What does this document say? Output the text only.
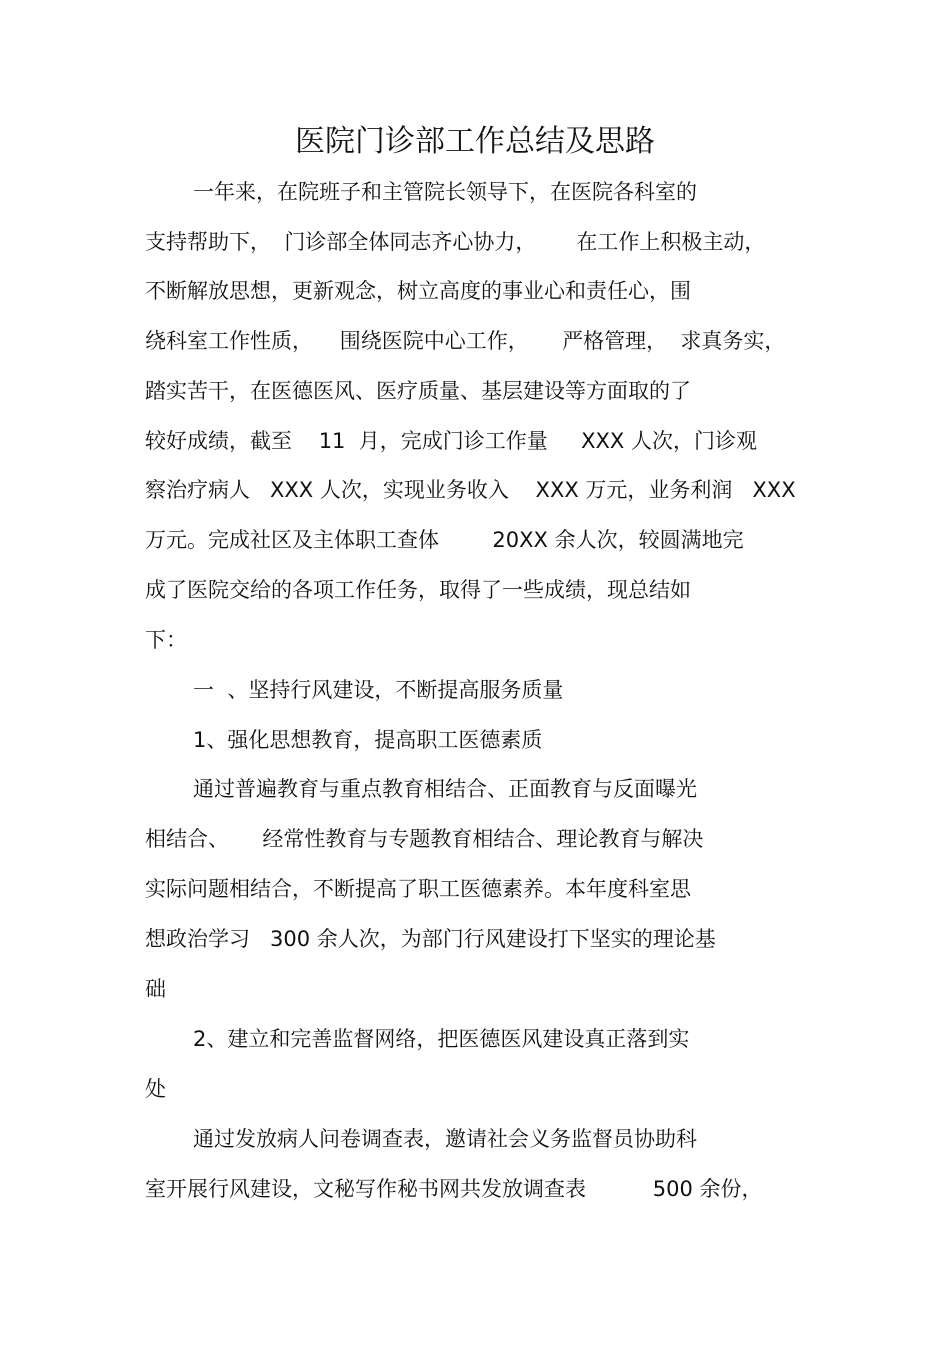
医院门诊部工作总结及思路
一年来，在院班子和主管院长领导下，在医院各科室的
支持帮助下，  门诊部全体同志齐心协力，      在工作上积极主动，
不断解放思想，更新观念，树立高度的事业心和责任心，围
绕科室工作性质，    围绕医院中心工作，     严格管理，  求真务实，
踏实苦干，在医德医风、医疗质量、基层建设等方面取的了
较好成绩，截至    11  月，完成门诊工作量     XXX 人次，门诊观
察治疗病人   XXX 人次，实现业务收入    XXX 万元，业务利润   XXX
万元。完成社区及主体职工查体        20XX 余人次，较圆满地完
成了医院交给的各项工作任务，取得了一些成绩，现总结如
下：
一  、坚持行风建设，不断提高服务质量
1、强化思想教育，提高职工医德素质
通过普遍教育与重点教育相结合、正面教育与反面曝光
相结合、     经常性教育与专题教育相结合、理论教育与解决
实际问题相结合，不断提高了职工医德素养。本年度科室思
想政治学习   300 余人次，为部门行风建设打下坚实的理论基
础
2、建立和完善监督网络，把医德医风建设真正落到实
处
通过发放病人问卷调查表，邀请社会义务监督员协助科
室开展行风建设，文秘写作秘书网共发放调查表          500 余份，
